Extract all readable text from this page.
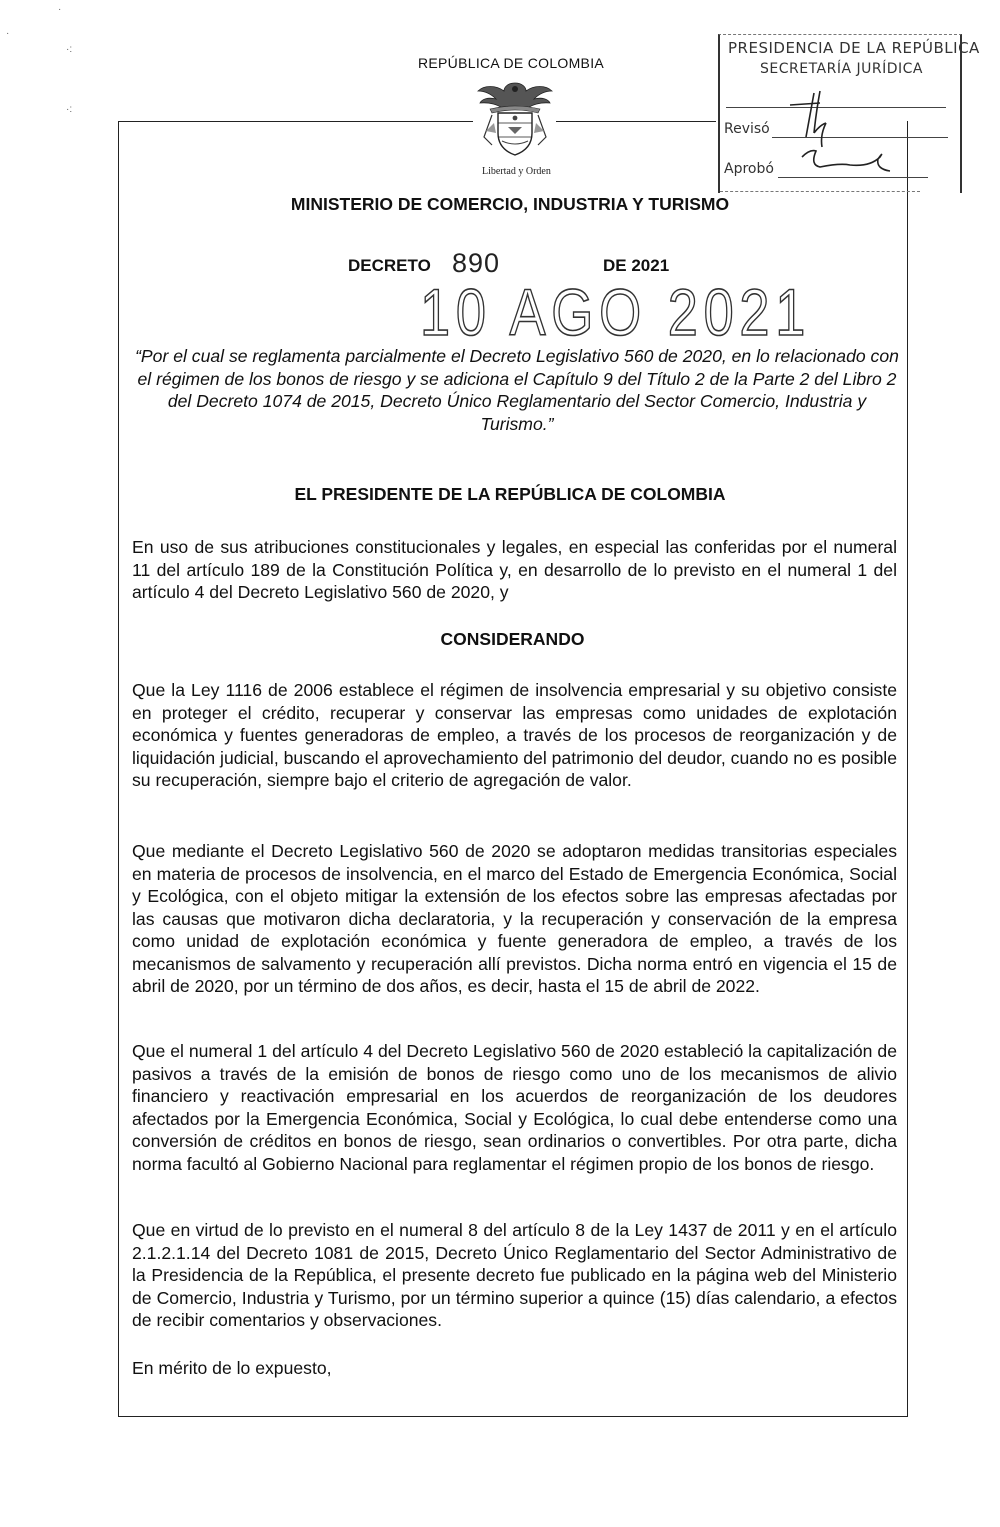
·
·
·:
·:
REPÚBLICA DE COLOMBIA
Libertad y Orden
PRESIDENCIA DE LA REPÚBLICA
SECRETARÍA JURÍDICA
Revisó
Aprobó
MINISTERIO DE COMERCIO, INDUSTRIA Y TURISMO
DECRETO 890	DE 2021
10 AGO 2021
“Por el cual se reglamenta parcialmente el Decreto Legislativo 560 de 2020, en lo relacionado con el régimen de los bonos de riesgo y se adiciona el Capítulo 9 del Título 2 de la Parte 2 del Libro 2 del Decreto 1074 de 2015, Decreto Único Reglamentario del Sector Comercio, Industria y Turismo.”
EL PRESIDENTE DE LA REPÚBLICA DE COLOMBIA
En uso de sus atribuciones constitucionales y legales, en especial las conferidas por el numeral 11 del artículo 189 de la Constitución Política y, en desarrollo de lo previsto en el numeral 1 del artículo 4 del Decreto Legislativo 560 de 2020, y
CONSIDERANDO
Que la Ley 1116 de 2006 establece el régimen de insolvencia empresarial y su objetivo consiste en proteger el crédito, recuperar y conservar las empresas como unidades de explotación económica y fuentes generadoras de empleo, a través de los procesos de reorganización y de liquidación judicial, buscando el aprovechamiento del patrimonio del deudor, cuando no es posible su recuperación, siempre bajo el criterio de agregación de valor.
Que mediante el Decreto Legislativo 560 de 2020 se adoptaron medidas transitorias especiales en materia de procesos de insolvencia, en el marco del Estado de Emergencia Económica, Social y Ecológica, con el objeto mitigar la extensión de los efectos sobre las empresas afectadas por las causas que motivaron dicha declaratoria, y la recuperación y conservación de la empresa como unidad de explotación económica y fuente generadora de empleo, a través de los mecanismos de salvamento y recuperación allí previstos. Dicha norma entró en vigencia el 15 de abril de 2020, por un término de dos años, es decir, hasta el 15 de abril de 2022.
Que el numeral 1 del artículo 4 del Decreto Legislativo 560 de 2020 estableció la capitalización de pasivos a través de la emisión de bonos de riesgo como uno de los mecanismos de alivio financiero y reactivación empresarial en los acuerdos de reorganización de los deudores afectados por la Emergencia Económica, Social y Ecológica, lo cual debe entenderse como una conversión de créditos en bonos de riesgo, sean ordinarios o convertibles. Por otra parte, dicha norma facultó al Gobierno Nacional para reglamentar el régimen propio de los bonos de riesgo.
Que en virtud de lo previsto en el numeral 8 del artículo 8 de la Ley 1437 de 2011 y en el artículo 2.1.2.1.14 del Decreto 1081 de 2015, Decreto Único Reglamentario del Sector Administrativo de la Presidencia de la República, el presente decreto fue publicado en la página web del Ministerio de Comercio, Industria y Turismo, por un término superior a quince (15) días calendario, a efectos de recibir comentarios y observaciones.
En mérito de lo expuesto,
